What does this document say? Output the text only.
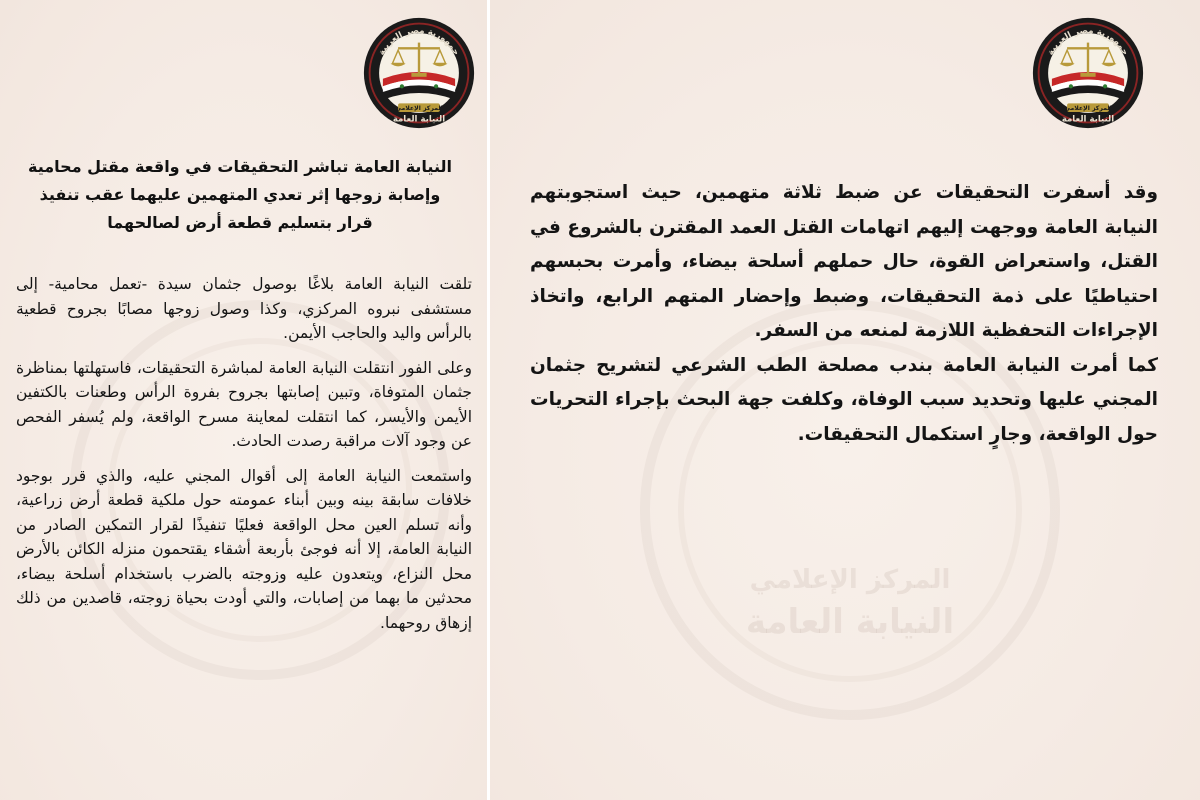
جمهورية مصر العربية
المركز الإعلامي
النيابة العامة
النيابة العامة تباشر التحقيقات في واقعة مقتل محامية وإصابة زوجها إثر تعدي المتهمين عليهما عقب تنفيذ قرار بتسليم قطعة أرض لصالحهما

تلقت النيابة العامة بلاغًا بوصول جثمان سيدة -تعمل محامية- إلى مستشفى نبروه المركزي، وكذا وصول زوجها مصابًا بجروح قطعية بالرأس واليد والحاجب الأيمن.

وعلى الفور انتقلت النيابة العامة لمباشرة التحقيقات، فاستهلتها بمناظرة جثمان المتوفاة، وتبين إصابتها بجروح بفروة الرأس وطعنات بالكتفين الأيمن والأيسر، كما انتقلت لمعاينة مسرح الواقعة، ولم يُسفر الفحص عن وجود آلات مراقبة رصدت الحادث.

واستمعت النيابة العامة إلى أقوال المجني عليه، والذي قرر بوجود خلافات سابقة بينه وبين أبناء عمومته حول ملكية قطعة أرض زراعية، وأنه تسلم العين محل الواقعة فعليًا تنفيذًا لقرار التمكين الصادر من النيابة العامة، إلا أنه فوجئ بأربعة أشقاء يقتحمون منزله الكائن بالأرض محل النزاع، ويتعدون عليه وزوجته بالضرب باستخدام أسلحة بيضاء، محدثين ما بهما من إصابات، والتي أودت بحياة زوجته، قاصدين من ذلك إزهاق روحهما.

المركز الإعلامي
النيابة العامة
جمهورية مصر العربية
المركز الإعلامي
النيابة العامة

وقد أسفرت التحقيقات عن ضبط ثلاثة متهمين، حيث استجوبتهم النيابة العامة ووجهت إليهم اتهامات القتل العمد المقترن بالشروع في القتل، واستعراض القوة، حال حملهم أسلحة بيضاء، وأمرت بحبسهم احتياطيًا على ذمة التحقيقات، وضبط وإحضار المتهم الرابع، واتخاذ الإجراءات التحفظية اللازمة لمنعه من السفر.

كما أمرت النيابة العامة بندب مصلحة الطب الشرعي لتشريح جثمان المجني عليها وتحديد سبب الوفاة، وكلفت جهة البحث بإجراء التحريات حول الواقعة، وجارٍ استكمال التحقيقات.
